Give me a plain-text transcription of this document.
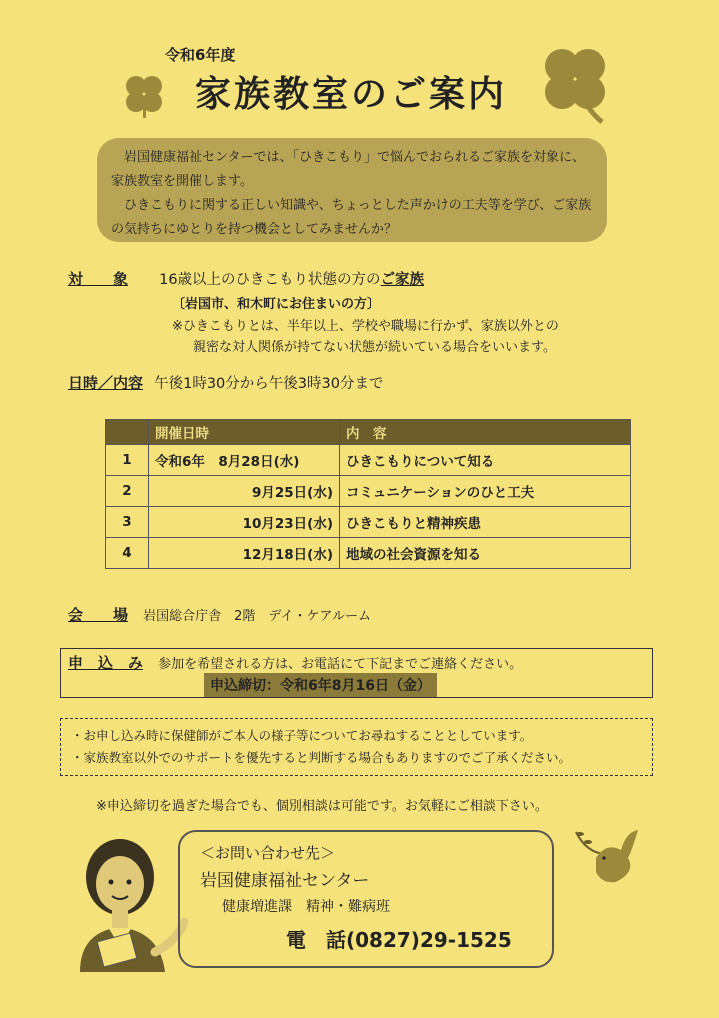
令和6年度
家族教室のご案内

岩国健康福祉センターでは、「ひきこもり」で悩んでおられるご家族を対象に、家族教室を開催します。

ひきこもりに関する正しい知識や、ちょっとした声かけの工夫等を学び、ご家族の気持ちにゆとりを持つ機会としてみませんか？

対　　象 16歳以上のひきこもり状態の方のご家族
〔岩国市、和木町にお住まいの方〕
※ひきこもりとは、半年以上、学校や職場に行かず、家族以外との
親密な対人関係が持てない状態が続いている場合をいいます。
日時／内容 午後1時30分から午後3時30分まで
	開催日時	内　容
1	令和6年　8月28日(水)	ひきこもりについて知る
2	9月25日(水)	コミュニケーションのひと工夫
3	10月23日(水)	ひきこもりと精神疾患
4	12月18日(水)	地域の社会資源を知る
会　　場 岩国総合庁舎　2階　デイ・ケアルーム
申　込　み 参加を希望される方は、お電話にて下記までご連絡ください。
申込締切：令和6年8月16日（金）
・お申し込み時に保健師がご本人の様子等についてお尋ねすることとしています。
・家族教室以外でのサポートを優先すると判断する場合もありますのでご了承ください。
※申込締切を過ぎた場合でも、個別相談は可能です。お気軽にご相談下さい。
＜お問い合わせ先＞
岩国健康福祉センター
健康増進課　精神・難病班
電　話(0827)29-1525
